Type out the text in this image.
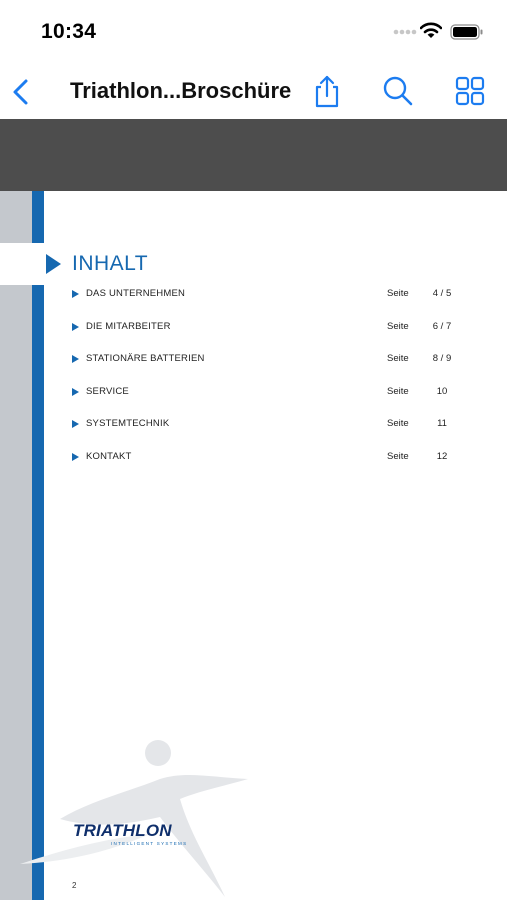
10:34
Triathlon...Broschüre
INHALT
DAS UNTERNEHMEN	Seite	4 / 5
DIE MITARBEITER	Seite	6 / 7
STATIONÄRE BATTERIEN	Seite	8 / 9
SERVICE	Seite	10
SYSTEMTECHNIK	Seite	11
KONTAKT	Seite	12
TRIATHLON
INTELLIGENT SYSTEMS
2
